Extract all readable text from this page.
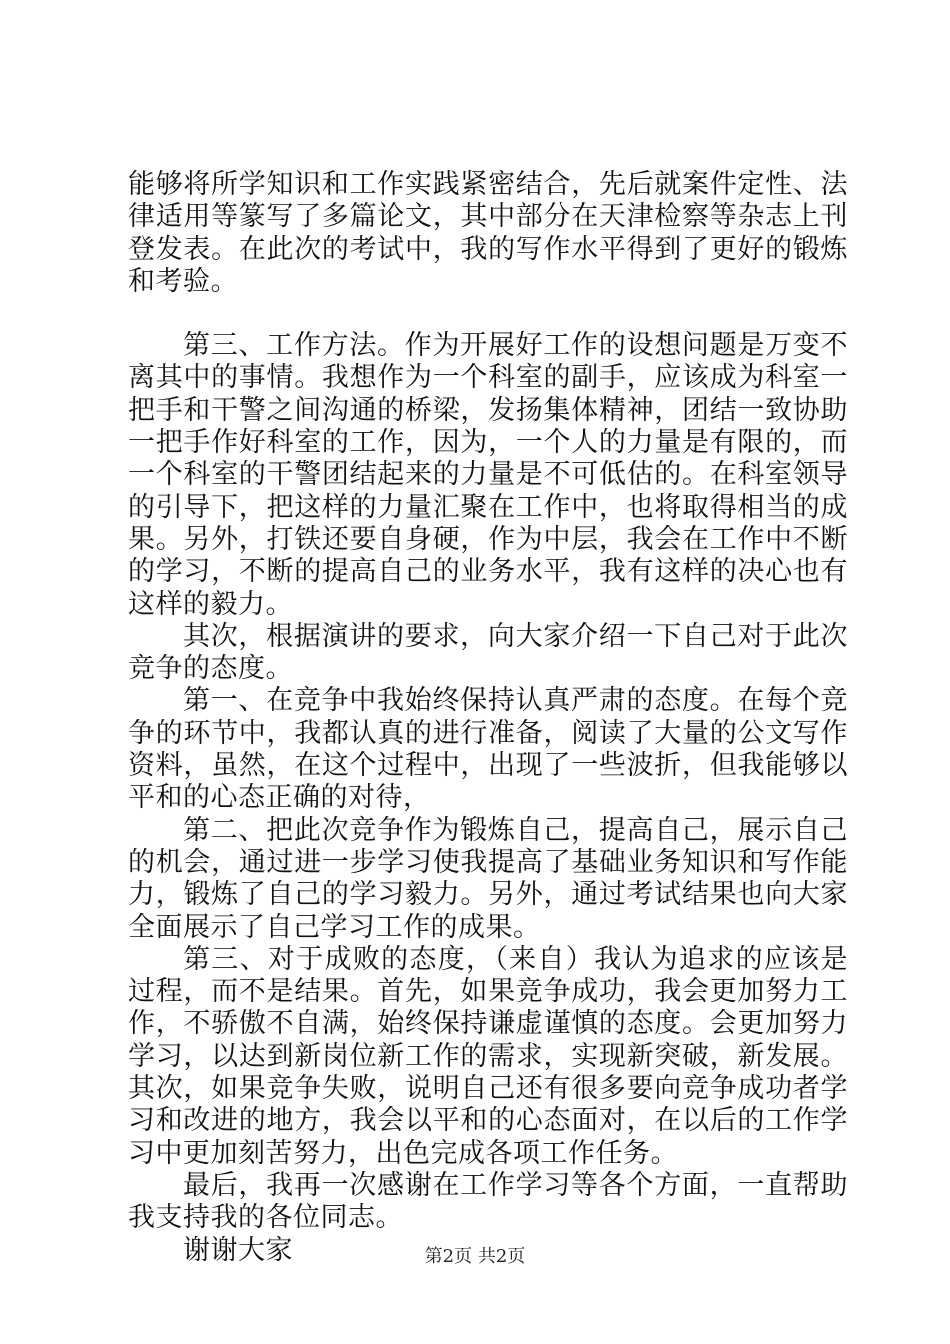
能够将所学知识和工作实践紧密结合，先后就案件定性、法律适用等篆写了多篇论文，其中部分在天津检察等杂志上刊登发表。在此次的考试中，我的写作水平得到了更好的锻炼和考验。

第三、工作方法。作为开展好工作的设想问题是万变不离其中的事情。我想作为一个科室的副手，应该成为科室一把手和干警之间沟通的桥梁，发扬集体精神，团结一致协助一把手作好科室的工作，因为，一个人的力量是有限的，而一个科室的干警团结起来的力量是不可低估的。在科室领导的引导下，把这样的力量汇聚在工作中，也将取得相当的成果。另外，打铁还要自身硬，作为中层，我会在工作中不断的学习，不断的提高自己的业务水平，我有这样的决心也有这样的毅力。

其次，根据演讲的要求，向大家介绍一下自己对于此次竞争的态度。

第一、在竞争中我始终保持认真严肃的态度。在每个竞争的环节中，我都认真的进行准备，阅读了大量的公文写作资料，虽然，在这个过程中，出现了一些波折，但我能够以平和的心态正确的对待，

第二、把此次竞争作为锻炼自己，提高自己，展示自己的机会，通过进一步学习使我提高了基础业务知识和写作能力，锻炼了自己的学习毅力。另外，通过考试结果也向大家全面展示了自己学习工作的成果。

第三、对于成败的态度，（来自）我认为追求的应该是过程，而不是结果。首先，如果竞争成功，我会更加努力工作，不骄傲不自满，始终保持谦虚谨慎的态度。会更加努力学习，以达到新岗位新工作的需求，实现新突破，新发展。其次，如果竞争失败，说明自己还有很多要向竞争成功者学习和改进的地方，我会以平和的心态面对，在以后的工作学习中更加刻苦努力，出色完成各项工作任务。

最后，我再一次感谢在工作学习等各个方面，一直帮助我支持我的各位同志。

谢谢大家	第2页 共2页
